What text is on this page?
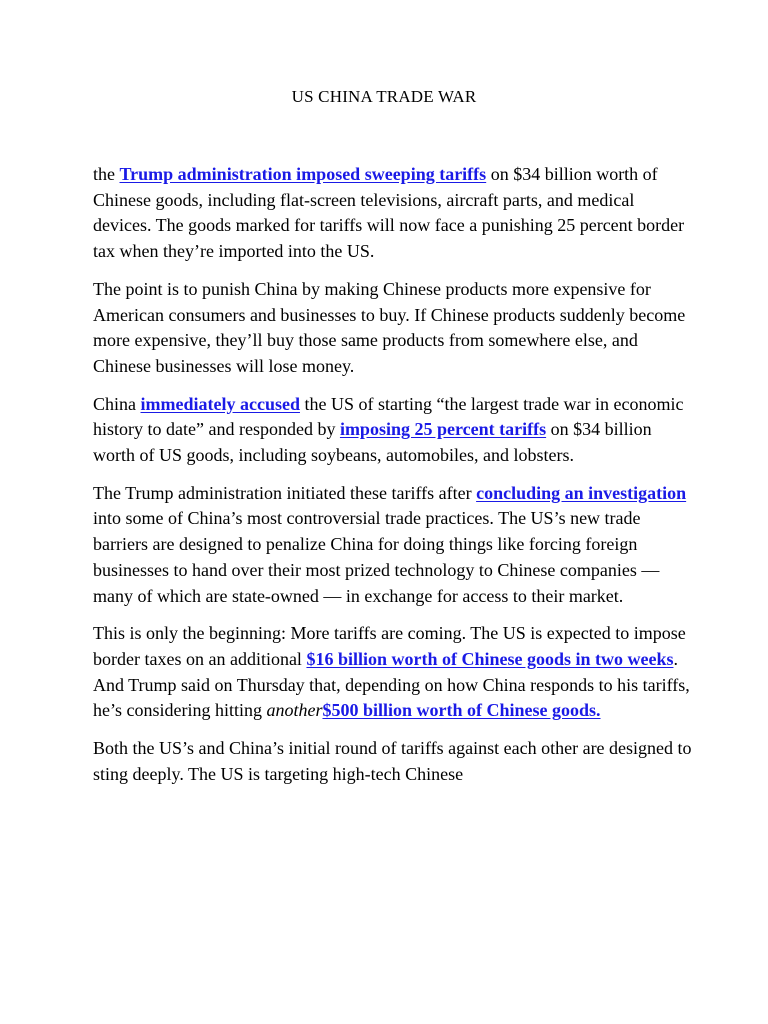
US CHINA TRADE WAR

the Trump administration imposed sweeping tariffs on $34 billion worth of Chinese goods, including flat-screen televisions, aircraft parts, and medical devices. The goods marked for tariffs will now face a punishing 25 percent border tax when they’re imported into the US.

The point is to punish China by making Chinese products more expensive for American consumers and businesses to buy. If Chinese products suddenly become more expensive, they’ll buy those same products from somewhere else, and Chinese businesses will lose money.

China immediately accused the US of starting “the largest trade war in economic history to date” and responded by imposing 25 percent tariffs on $34 billion worth of US goods, including soybeans, automobiles, and lobsters.

The Trump administration initiated these tariffs after concluding an investigation into some of China’s most controversial trade practices. The US’s new trade barriers are designed to penalize China for doing things like forcing foreign businesses to hand over their most prized technology to Chinese companies — many of which are state-owned — in exchange for access to their market.

This is only the beginning: More tariffs are coming. The US is expected to impose border taxes on an additional $16 billion worth of Chinese goods in two weeks. And Trump said on Thursday that, depending on how China responds to his tariffs, he’s considering hitting another$500 billion worth of Chinese goods.

Both the US’s and China’s initial round of tariffs against each other are designed to sting deeply. The US is targeting high-tech Chinese
